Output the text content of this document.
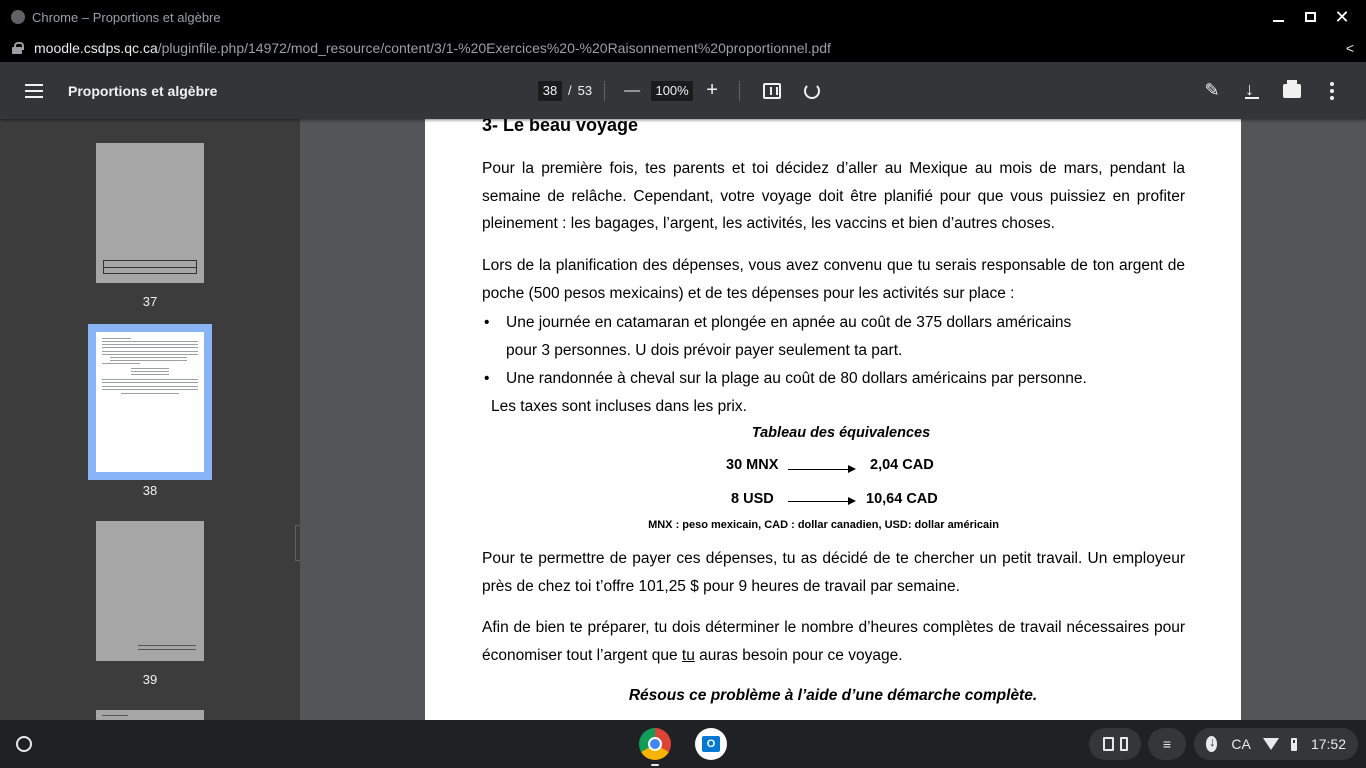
Chrome – Proportions et algèbre	✕
moodle.csdps.qc.ca /pluginfile.php/14972/mod_resource/content/3/1-%20Exercices%20-%20Raisonnement%20proportionnel.pdf	<
Proportions et algèbre	38 / 53 —	100% +	✎
↓
37
38
39
3- Le beau voyage
Pour la première fois, tes parents et toi décidez d’aller au Mexique au mois de mars, pendant la semaine de relâche. Cependant, votre voyage doit être planifié pour que vous puissiez en profiter pleinement : les bagages, l’argent, les activités, les vaccins et bien d’autres choses.
Lors de la planification des dépenses, vous avez convenu que tu serais responsable de ton argent de poche (500 pesos mexicains) et de tes dépenses pour les activités sur place :
• Une journée en catamaran et plongée en apnée au coût de 375 dollars américains pour 3 personnes. U dois prévoir payer seulement ta part.
• Une randonnée à cheval sur la plage au coût de 80 dollars américains par personne.
Les taxes sont incluses dans les prix.
Tableau des équivalences
30 MNX	2,04 CAD
8 USD	10,64 CAD
MNX : peso mexicain, CAD : dollar canadien, USD: dollar américain
Pour te permettre de payer ces dépenses, tu as décidé de te chercher un petit travail. Un employeur près de chez toi t’offre 101,25 $ pour 9 heures de travail par semaine.
Afin de bien te préparer, tu dois déterminer le nombre d’heures complètes de travail nécessaires pour économiser tout l’argent que tu auras besoin pour ce voyage.
Résous ce problème à l’aide d’une démarche complète.
O	≡ ↓	CA	17:52
